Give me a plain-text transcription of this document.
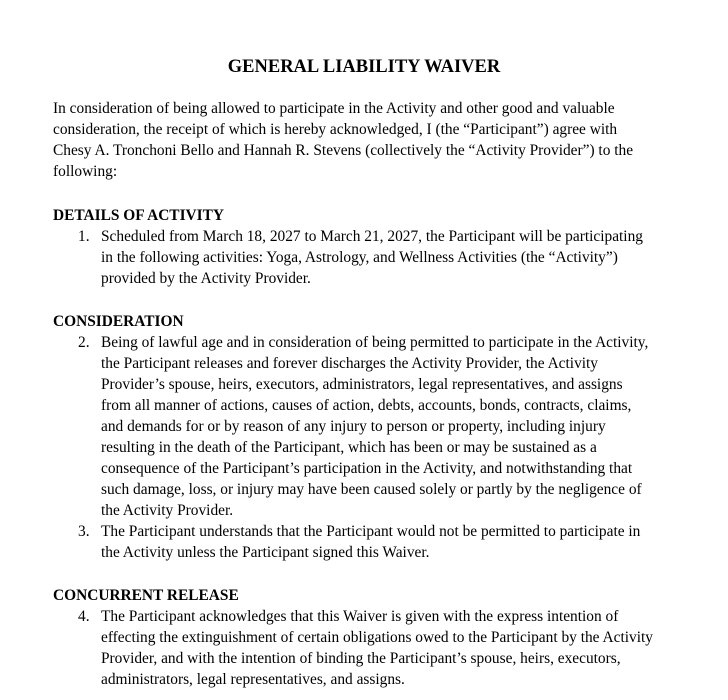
GENERAL LIABILITY WAIVER
In consideration of being allowed to participate in the Activity and other good and valuable
consideration, the receipt of which is hereby acknowledged, I (the “Participant”) agree with
Chesy A. Tronchoni Bello and Hannah R. Stevens (collectively the “Activity Provider”) to the
following:
DETAILS OF ACTIVITY
1. Scheduled from March 18, 2027 to March 21, 2027, the Participant will be participating
in the following activities: Yoga, Astrology, and Wellness Activities (the “Activity”)
provided by the Activity Provider.
CONSIDERATION
2. Being of lawful age and in consideration of being permitted to participate in the Activity,
the Participant releases and forever discharges the Activity Provider, the Activity
Provider’s spouse, heirs, executors, administrators, legal representatives, and assigns
from all manner of actions, causes of action, debts, accounts, bonds, contracts, claims,
and demands for or by reason of any injury to person or property, including injury
resulting in the death of the Participant, which has been or may be sustained as a
consequence of the Participant’s participation in the Activity, and notwithstanding that
such damage, loss, or injury may have been caused solely or partly by the negligence of
the Activity Provider.
3. The Participant understands that the Participant would not be permitted to participate in
the Activity unless the Participant signed this Waiver.
CONCURRENT RELEASE
4. The Participant acknowledges that this Waiver is given with the express intention of
effecting the extinguishment of certain obligations owed to the Participant by the Activity
Provider, and with the intention of binding the Participant’s spouse, heirs, executors,
administrators, legal representatives, and assigns.
